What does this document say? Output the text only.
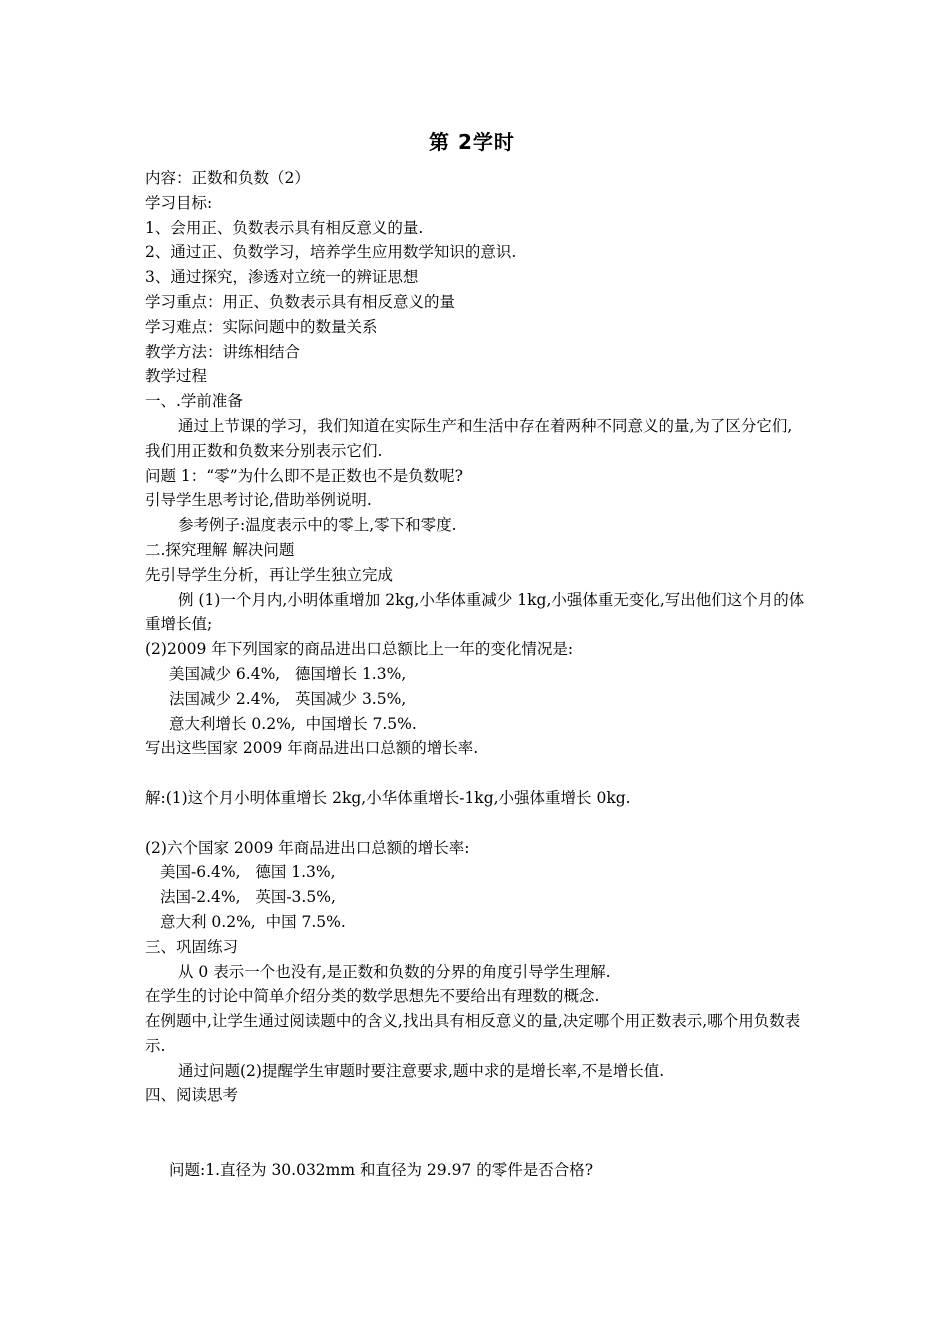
第 2学时
内容：正数和负数（2）
学习目标:
1、会用正、负数表示具有相反意义的量.
2、通过正、负数学习，培养学生应用数学知识的意识.
3、通过探究，渗透对立统一的辨证思想
学习重点：用正、负数表示具有相反意义的量
学习难点：实际问题中的数量关系
教学方法：讲练相结合
教学过程
一、.学前准备
通过上节课的学习，我们知道在实际生产和生活中存在着两种不同意义的量,为了区分它们,我们用正数和负数来分别表示它们.
问题 1：“零”为什么即不是正数也不是负数呢?
引导学生思考讨论,借助举例说明.
参考例子:温度表示中的零上,零下和零度.
二.探究理解 解决问题
先引导学生分析，再让学生独立完成
例 (1)一个月内,小明体重增加 2kg,小华体重减少 1kg,小强体重无变化,写出他们这个月的体重增长值;
(2)2009 年下列国家的商品进出口总额比上一年的变化情况是:
美国减少 6.4%,   德国增长 1.3%,
法国减少 2.4%,   英国减少 3.5%,
意大利增长 0.2%,  中国增长 7.5%.
写出这些国家 2009 年商品进出口总额的增长率.
解:(1)这个月小明体重增长 2kg,小华体重增长-1kg,小强体重增长 0kg.
(2)六个国家 2009 年商品进出口总额的增长率:
美国-6.4%,   德国 1.3%,
法国-2.4%,   英国-3.5%,
意大利 0.2%,  中国 7.5%.
三、巩固练习
从 0 表示一个也没有,是正数和负数的分界的角度引导学生理解.
在学生的讨论中简单介绍分类的数学思想先不要给出有理数的概念.
在例题中,让学生通过阅读题中的含义,找出具有相反意义的量,决定哪个用正数表示,哪个用负数表示.
通过问题(2)提醒学生审题时要注意要求,题中求的是增长率,不是增长值.
四、阅读思考
问题:1.直径为 30.032mm 和直径为 29.97 的零件是否合格?
